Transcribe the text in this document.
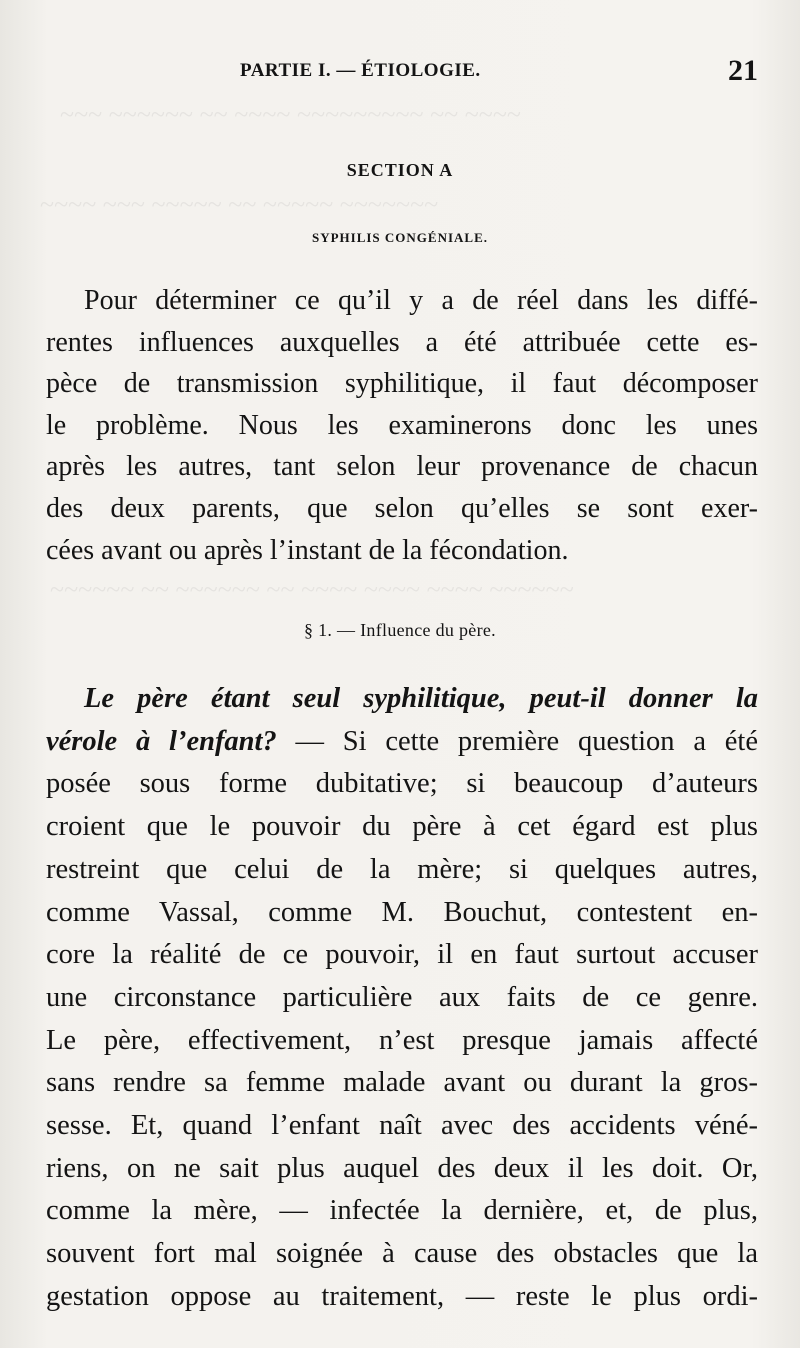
~~~ ~~~~~~ ~~ ~~~~ ~~~~~~~~~ ~~ ~~~~
~~~~ ~~~ ~~~~~ ~~ ~~~~~ ~~~~~~~
~~~~~~ ~~ ~~~~~~ ~~ ~~~~ ~~~~ ~~~~ ~~~~~~
PARTIE I. — ÉTIOLOGIE.	21
SECTION A
SYPHILIS CONGÉNIALE.

Pour déterminer ce qu’il y a de réel dans les diffé-
rentes influences auxquelles a été attribuée cette es-
pèce de transmission syphilitique, il faut décomposer
le problème. Nous les examinerons donc les unes
après les autres, tant selon leur provenance de chacun
des deux parents, que selon qu’elles se sont exer-
cées avant ou après l’instant de la fécondation.

§ 1. — Influence du père.

Le père étant seul syphilitique, peut-il donner la
vérole à l’enfant? — Si cette première question a été
posée sous forme dubitative; si beaucoup d’auteurs
croient que le pouvoir du père à cet égard est plus
restreint que celui de la mère; si quelques autres,
comme Vassal, comme M. Bouchut, contestent en-
core la réalité de ce pouvoir, il en faut surtout accuser
une circonstance particulière aux faits de ce genre.
Le père, effectivement, n’est presque jamais affecté
sans rendre sa femme malade avant ou durant la gros-
sesse. Et, quand l’enfant naît avec des accidents véné-
riens, on ne sait plus auquel des deux il les doit. Or,
comme la mère, — infectée la dernière, et, de plus,
souvent fort mal soignée à cause des obstacles que la
gestation oppose au traitement, — reste le plus ordi-
